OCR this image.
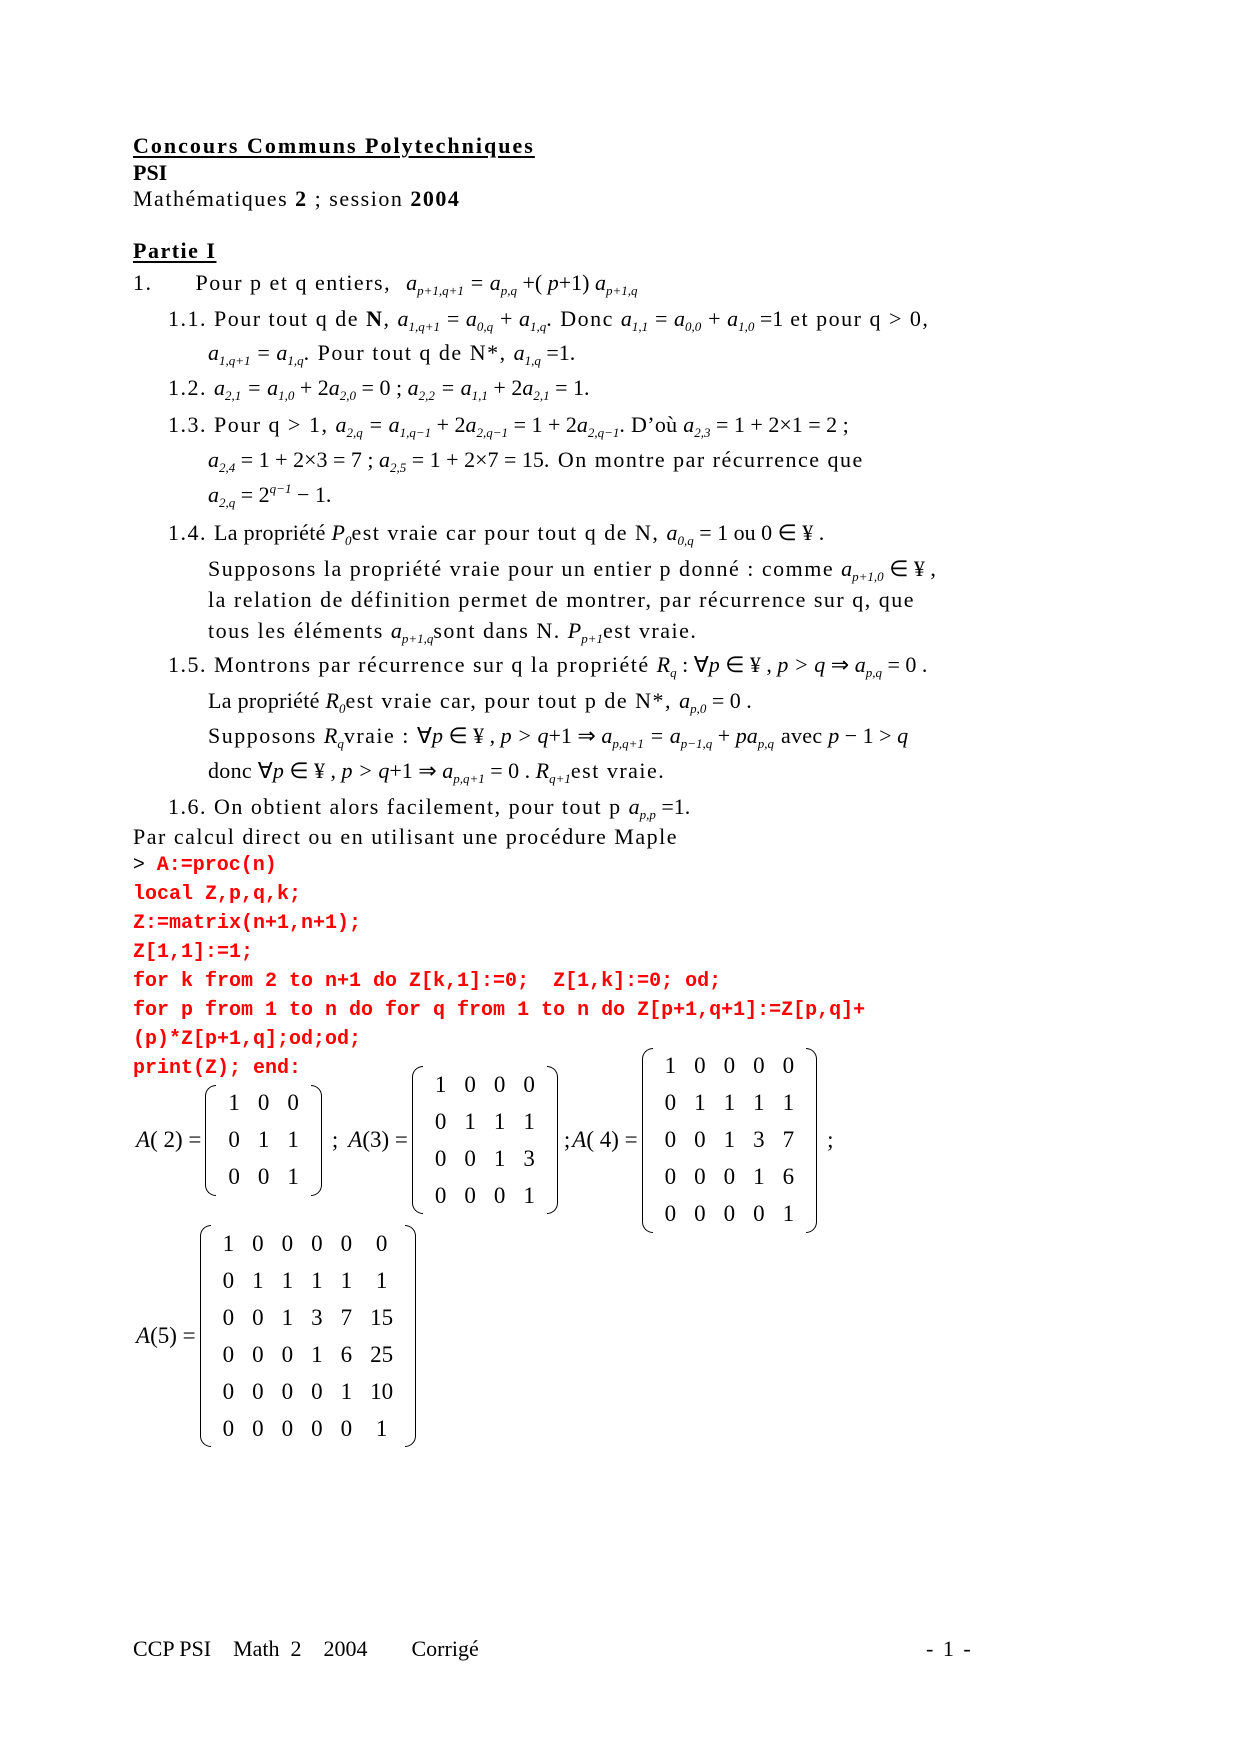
Concours Communs Polytechniques
PSI
Mathématiques 2 ; session 2004
Partie I
1. Pour p et q entiers, $a_{p+1,q+1} = a_{p,q}$ +( p+1) $a_{p+1,q}$
1.1. Pour tout q de N, $a_{1,q+1} = a_{0,q} + a_{1,q}$. Donc $a_{1,1} = a_{0,0} + a_{1,0} =1$ et pour q > 0,
$a_{1,q+1} = a_{1,q}$. Pour tout q de N*, $a_{1,q} =1$.
1.2. $a_{2,1} = a_{1,0} + 2a_{2,0} = 0$ ; $a_{2,2} = a_{1,1} + 2a_{2,1} = 1$.
1.3. Pour q > 1, $a_{2,q} = a_{1,q-1} + 2a_{2,q-1} = 1 + 2a_{2,q-1}$. D’où $a_{2,3} = 1 + 2\times 1 = 2$ ;
$a_{2,4} = 1 + 2\times 3 = 7$ ; $a_{2,5} = 1 + 2\times 7 = 15$. On montre par récurrence que
$a_{2,q} = 2^{q-1} - 1$.
1.4. La propriété $P_0est$ vraie car pour tout q de N, $a_{0,q} = 1$ ou 0 ∈ ¥ .
Supposons la propriété vraie pour un entier p donné : comme $a_{p+1,0}$ ∈ ¥ ,
la relation de définition permet de montrer, par récurrence sur q, que
tous les éléments $a_{p+1,q}sont$ dans N. $P_{p+1}est$ vraie.
1.5. Montrons par récurrence sur q la propriété $R_q$ : ∀p ∈ ¥ , p > q ⇒ $a_{p,q} = 0$ .
La propriété $R_0est$ vraie car, pour tout p de N*, $a_{p,0} = 0$ .
Supposons $R_qvraie$ : ∀p ∈ ¥ , p > q+1 ⇒ $a_{p,q+1} = a_{p-1,q} + pa_{p,q}$ avec p − 1 > q
donc ∀p ∈ ¥ , p > q+1 ⇒ $a_{p,q+1} = 0$ . $R_{q+1}est$ vraie.
1.6. On obtient alors facilement, pour tout p $a_{p,p} =1$.
Par calcul direct ou en utilisant une procédure Maple
> A:=proc(n)
local Z,p,q,k;
Z:=matrix(n+1,n+1);
Z[1,1]:=1;
for k from 2 to n+1 do Z[k,1]:=0;  Z[1,k]:=0; od;
for p from 1 to n do for q from 1 to n do Z[p+1,q+1]:=Z[p,q]+
(p)*Z[p+1,q];od;od;
print(Z); end:
A( 2) =
1	0	0
0	1	1
0	0	1
; A(3) =
1	0	0	0
0	1	1	1
0	0	1	3
0	0	0	1
; A( 4) =
1	0	0	0	0
0	1	1	1	1
0	0	1	3	7
0	0	0	1	6
0	0	0	0	1
;
A(5) =
1	0	0	0	0	0
0	1	1	1	1	1
0	0	1	3	7	15
0	0	0	1	6	25
0	0	0	0	1	10
0	0	0	0	0	1
CCP PSI    Math  2    2004        Corrigé	- 1 -
